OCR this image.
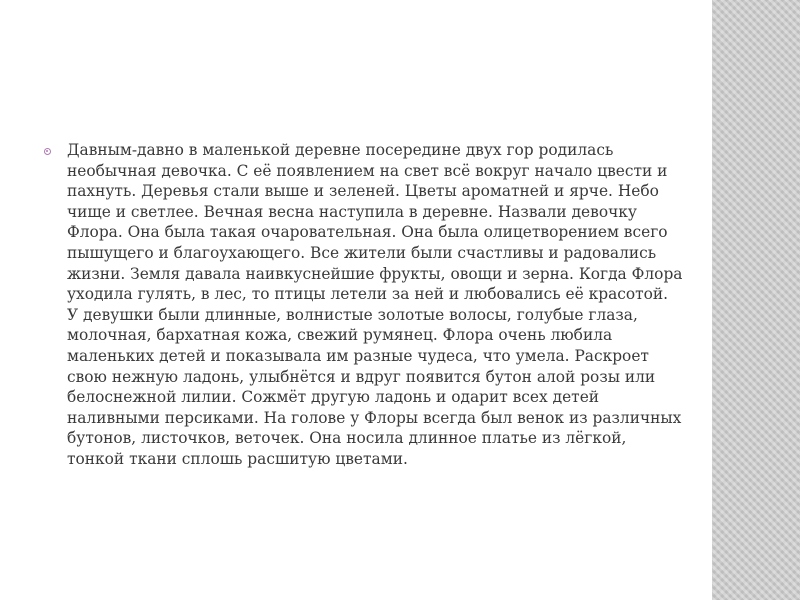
Давным-давно в маленькой деревне посередине двух гор родилась необычная девочка. С её появлением на свет всё вокруг начало цвести и пахнуть. Деревья стали выше и зеленей. Цветы ароматней и ярче. Небо чище и светлее. Вечная весна наступила в деревне. Назвали девочку Флора. Она была такая очаровательная. Она была олицетворением всего пышущего и благоухающего. Все жители были счастливы и радовались жизни. Земля давала наивкуснейшие фрукты, овощи и зерна. Когда Флора уходила гулять, в лес, то птицы летели за ней и любовались её красотой. У девушки были длинные, волнистые золотые волосы, голубые глаза, молочная, бархатная кожа, свежий румянец. Флора очень любила маленьких детей и показывала им разные чудеса, что умела. Раскроет свою нежную ладонь, улыбнётся и вдруг появится бутон алой розы или белоснежной лилии. Сожмёт другую ладонь и одарит всех детей наливными персиками. На голове у Флоры всегда был венок из различных бутонов, листочков, веточек. Она носила длинное платье из лёгкой, тонкой ткани сплошь расшитую цветами.
